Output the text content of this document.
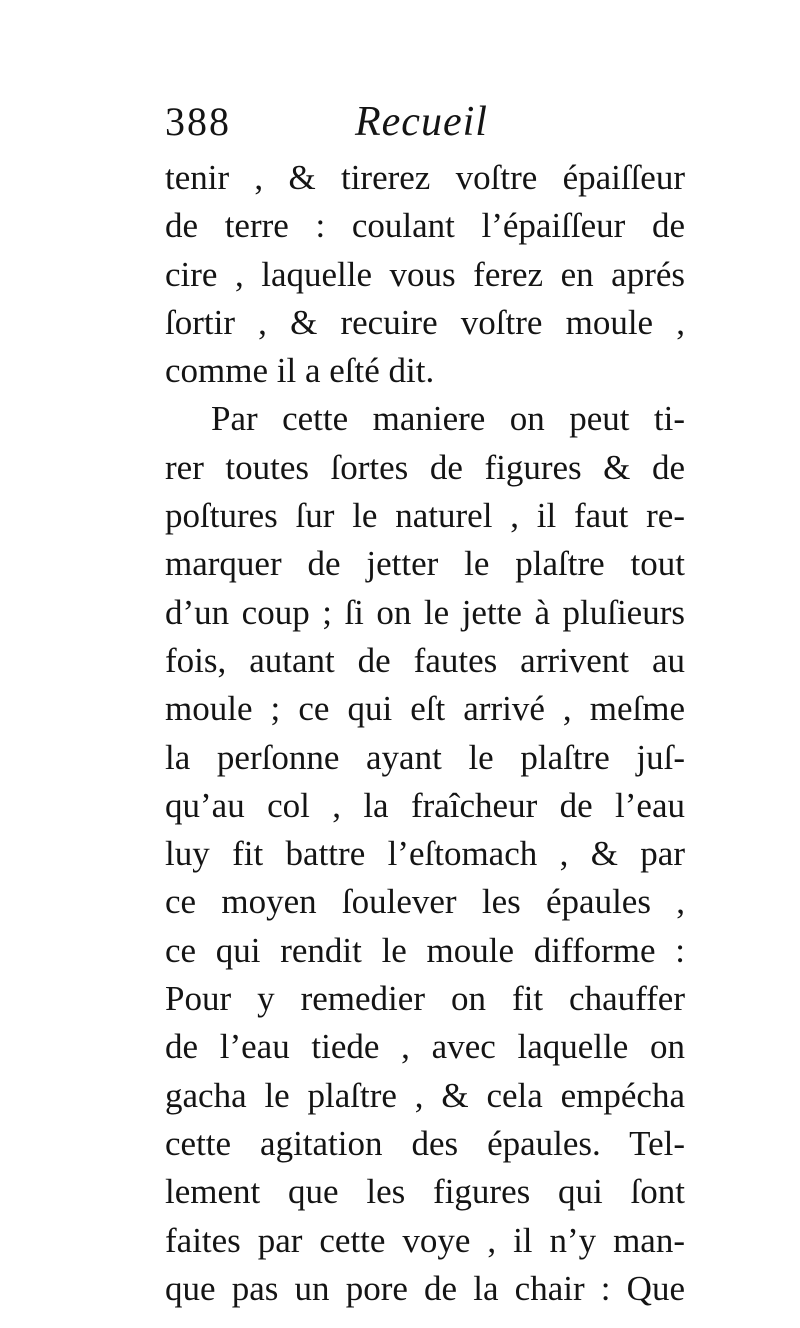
388	Recueil
tenir , & tirerez voſtre épaiſſeur
de terre : coulant l’épaiſſeur de
cire , laquelle vous ferez en aprés
ſortir , & recuire voſtre moule ,
comme il a eſté dit.
Par cette maniere on peut ti-
rer toutes ſortes de figures & de
poſtures ſur le naturel , il faut re-
marquer de jetter le plaſtre tout
d’un coup ; ſi on le jette à pluſieurs
fois, autant de fautes arrivent au
moule ; ce qui eſt arrivé , meſme
la perſonne ayant le plaſtre juſ-
qu’au col , la fraîcheur de l’eau
luy fit battre l’eſtomach , & par
ce moyen ſoulever les épaules ,
ce qui rendit le moule difforme :
Pour y remedier on fit chauffer
de l’eau tiede , avec laquelle on
gacha le plaſtre , & cela empécha
cette agitation des épaules. Tel-
lement que les figures qui ſont
faites par cette voye , il n’y man-
que pas un pore de la chair : Que
